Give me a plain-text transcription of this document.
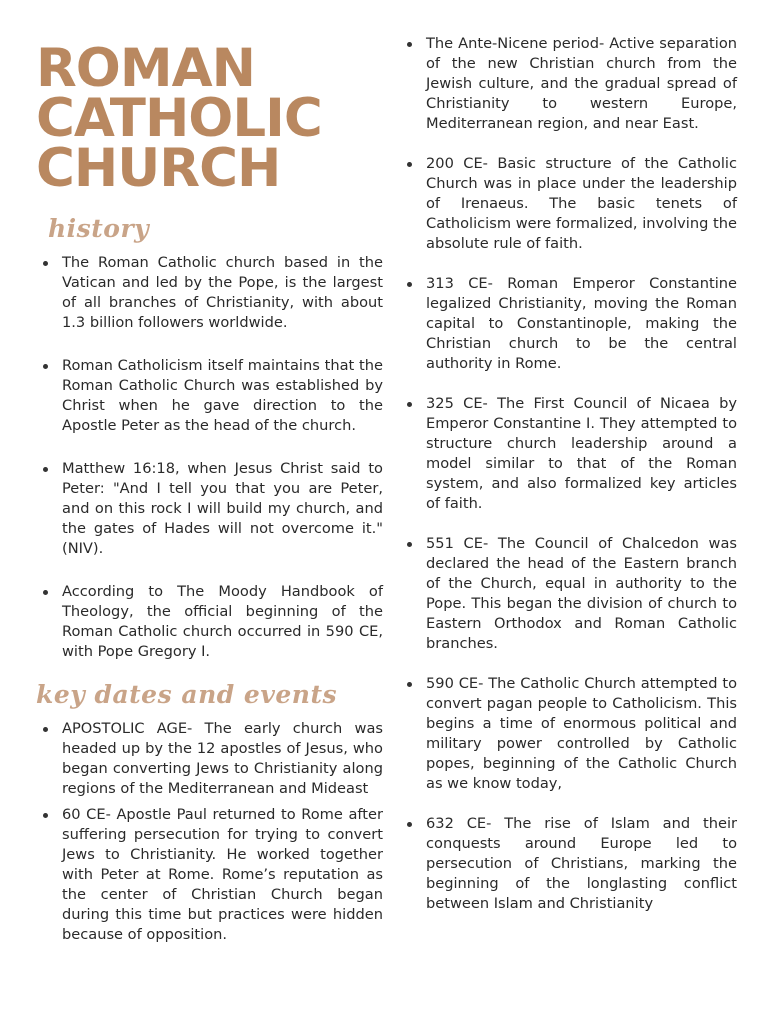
ROMAN
CATHOLIC
CHURCH
history
The Roman Catholic church based in the Vatican and led by the Pope, is the largest of all branches of Christianity, with about 1.3 billion followers worldwide.
Roman Catholicism itself maintains that the Roman Catholic Church was established by Christ when he gave direction to the Apostle Peter as the head of the church.
Matthew 16:18, when Jesus Christ said to Peter: "And I tell you that you are Peter, and on this rock I will build my church, and the gates of Hades will not overcome it." (NIV).
According to The Moody Handbook of Theology, the official beginning of the Roman Catholic church occurred in 590 CE, with Pope Gregory I.
key dates and events
APOSTOLIC AGE- The early church was headed up by the 12 apostles of Jesus, who began converting Jews to Christianity along regions of the Mediterranean and Mideast
60 CE- Apostle Paul returned to Rome after suffering persecution for trying to convert Jews to Christianity. He worked together with Peter at Rome. Rome’s reputation as the center of Christian Church began during this time but practices were hidden because of opposition.
The Ante-Nicene period- Active separation of the new Christian church from the Jewish culture, and the gradual spread of Christianity to western Europe, Mediterranean region, and near East.
200 CE- Basic structure of the Catholic Church was in place under the leadership of Irenaeus. The basic tenets of Catholicism were formalized, involving the absolute rule of faith.
313 CE- Roman Emperor Constantine legalized Christianity, moving the Roman capital to Constantinople, making the Christian church to be the central authority in Rome.
325 CE- The First Council of Nicaea by Emperor Constantine I. They attempted to structure church leadership around a model similar to that of the Roman system, and also formalized key articles of faith.
551 CE- The Council of Chalcedon was declared the head of the Eastern branch of the Church, equal in authority to the Pope. This began the division of church to Eastern Orthodox and Roman Catholic branches.
590 CE- The Catholic Church attempted to convert pagan people to Catholicism. This begins a time of enormous political and military power controlled by Catholic popes, beginning of the Catholic Church as we know today,
632 CE- The rise of Islam and their conquests around Europe led to persecution of Christians, marking the beginning of the longlasting conflict between Islam and Christianity
